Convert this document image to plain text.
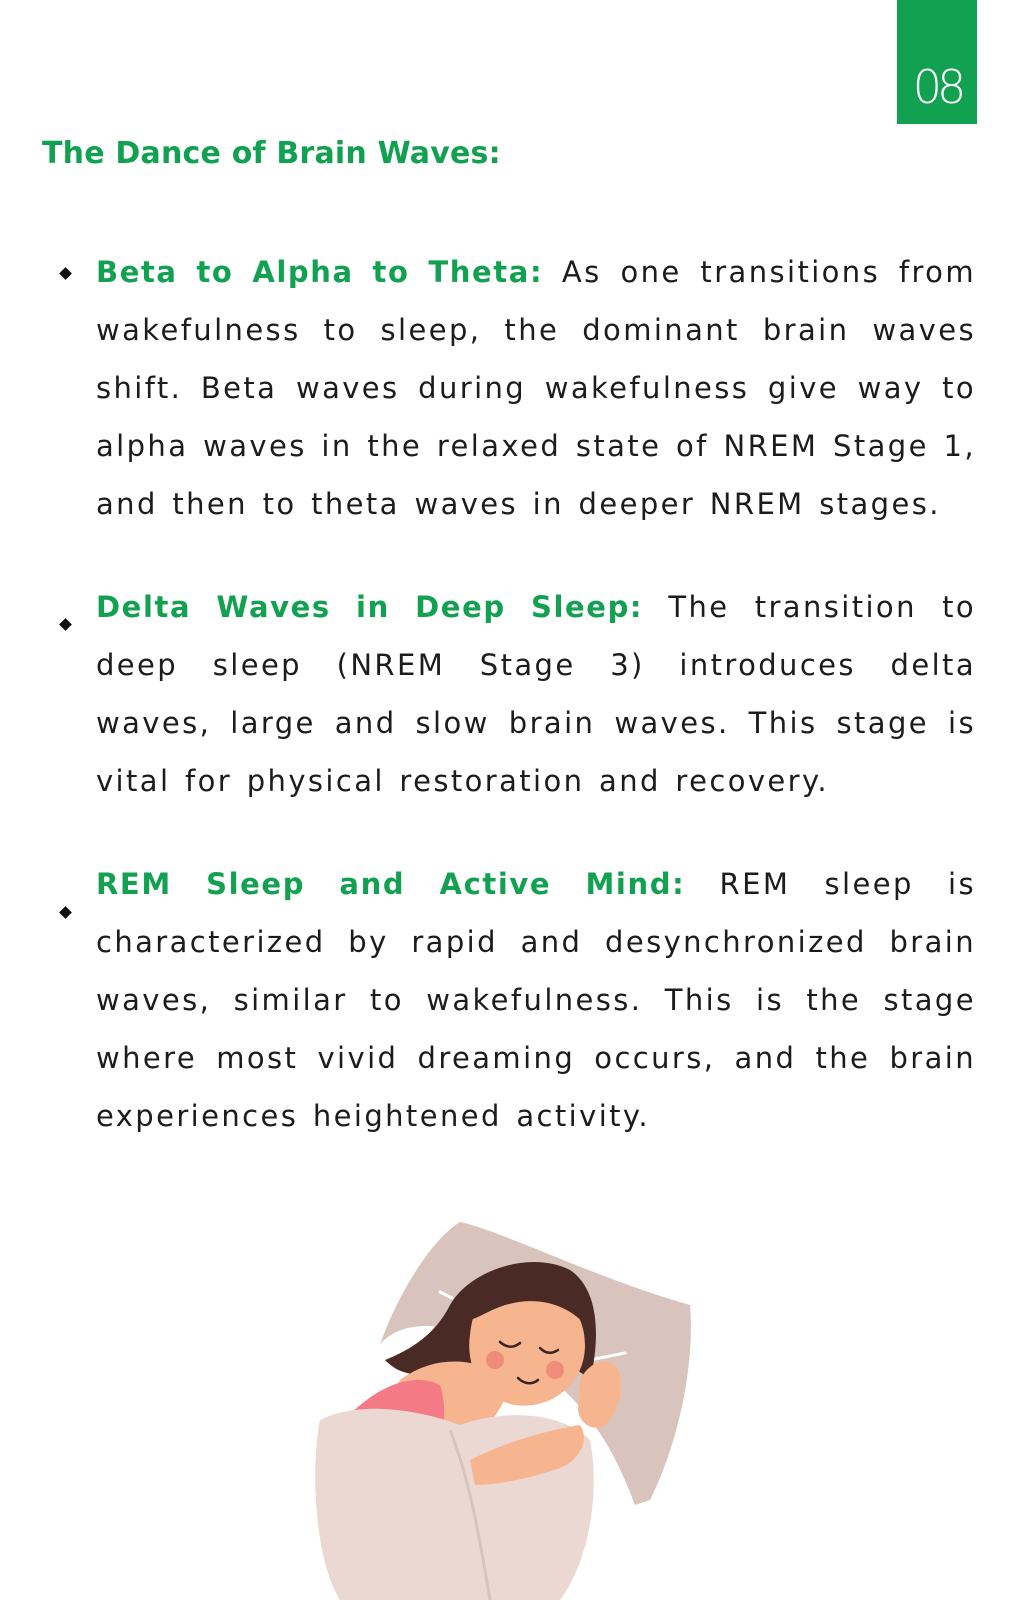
08
The Dance of Brain Waves:

Beta to Alpha to Theta: As one transitions from wakefulness to sleep, the dominant brain waves shift. Beta waves during wakefulness give way to alpha waves in the relaxed state of NREM Stage 1, and then to theta waves in deeper NREM stages.

Delta Waves in Deep Sleep: The transition to deep sleep (NREM Stage 3) introduces delta waves, large and slow brain waves. This stage is vital for physical restoration and recovery.

REM Sleep and Active Mind: REM sleep is characterized by rapid and desynchronized brain waves, similar to wakefulness. This is the stage where most vivid dreaming occurs, and the brain experiences heightened activity.
